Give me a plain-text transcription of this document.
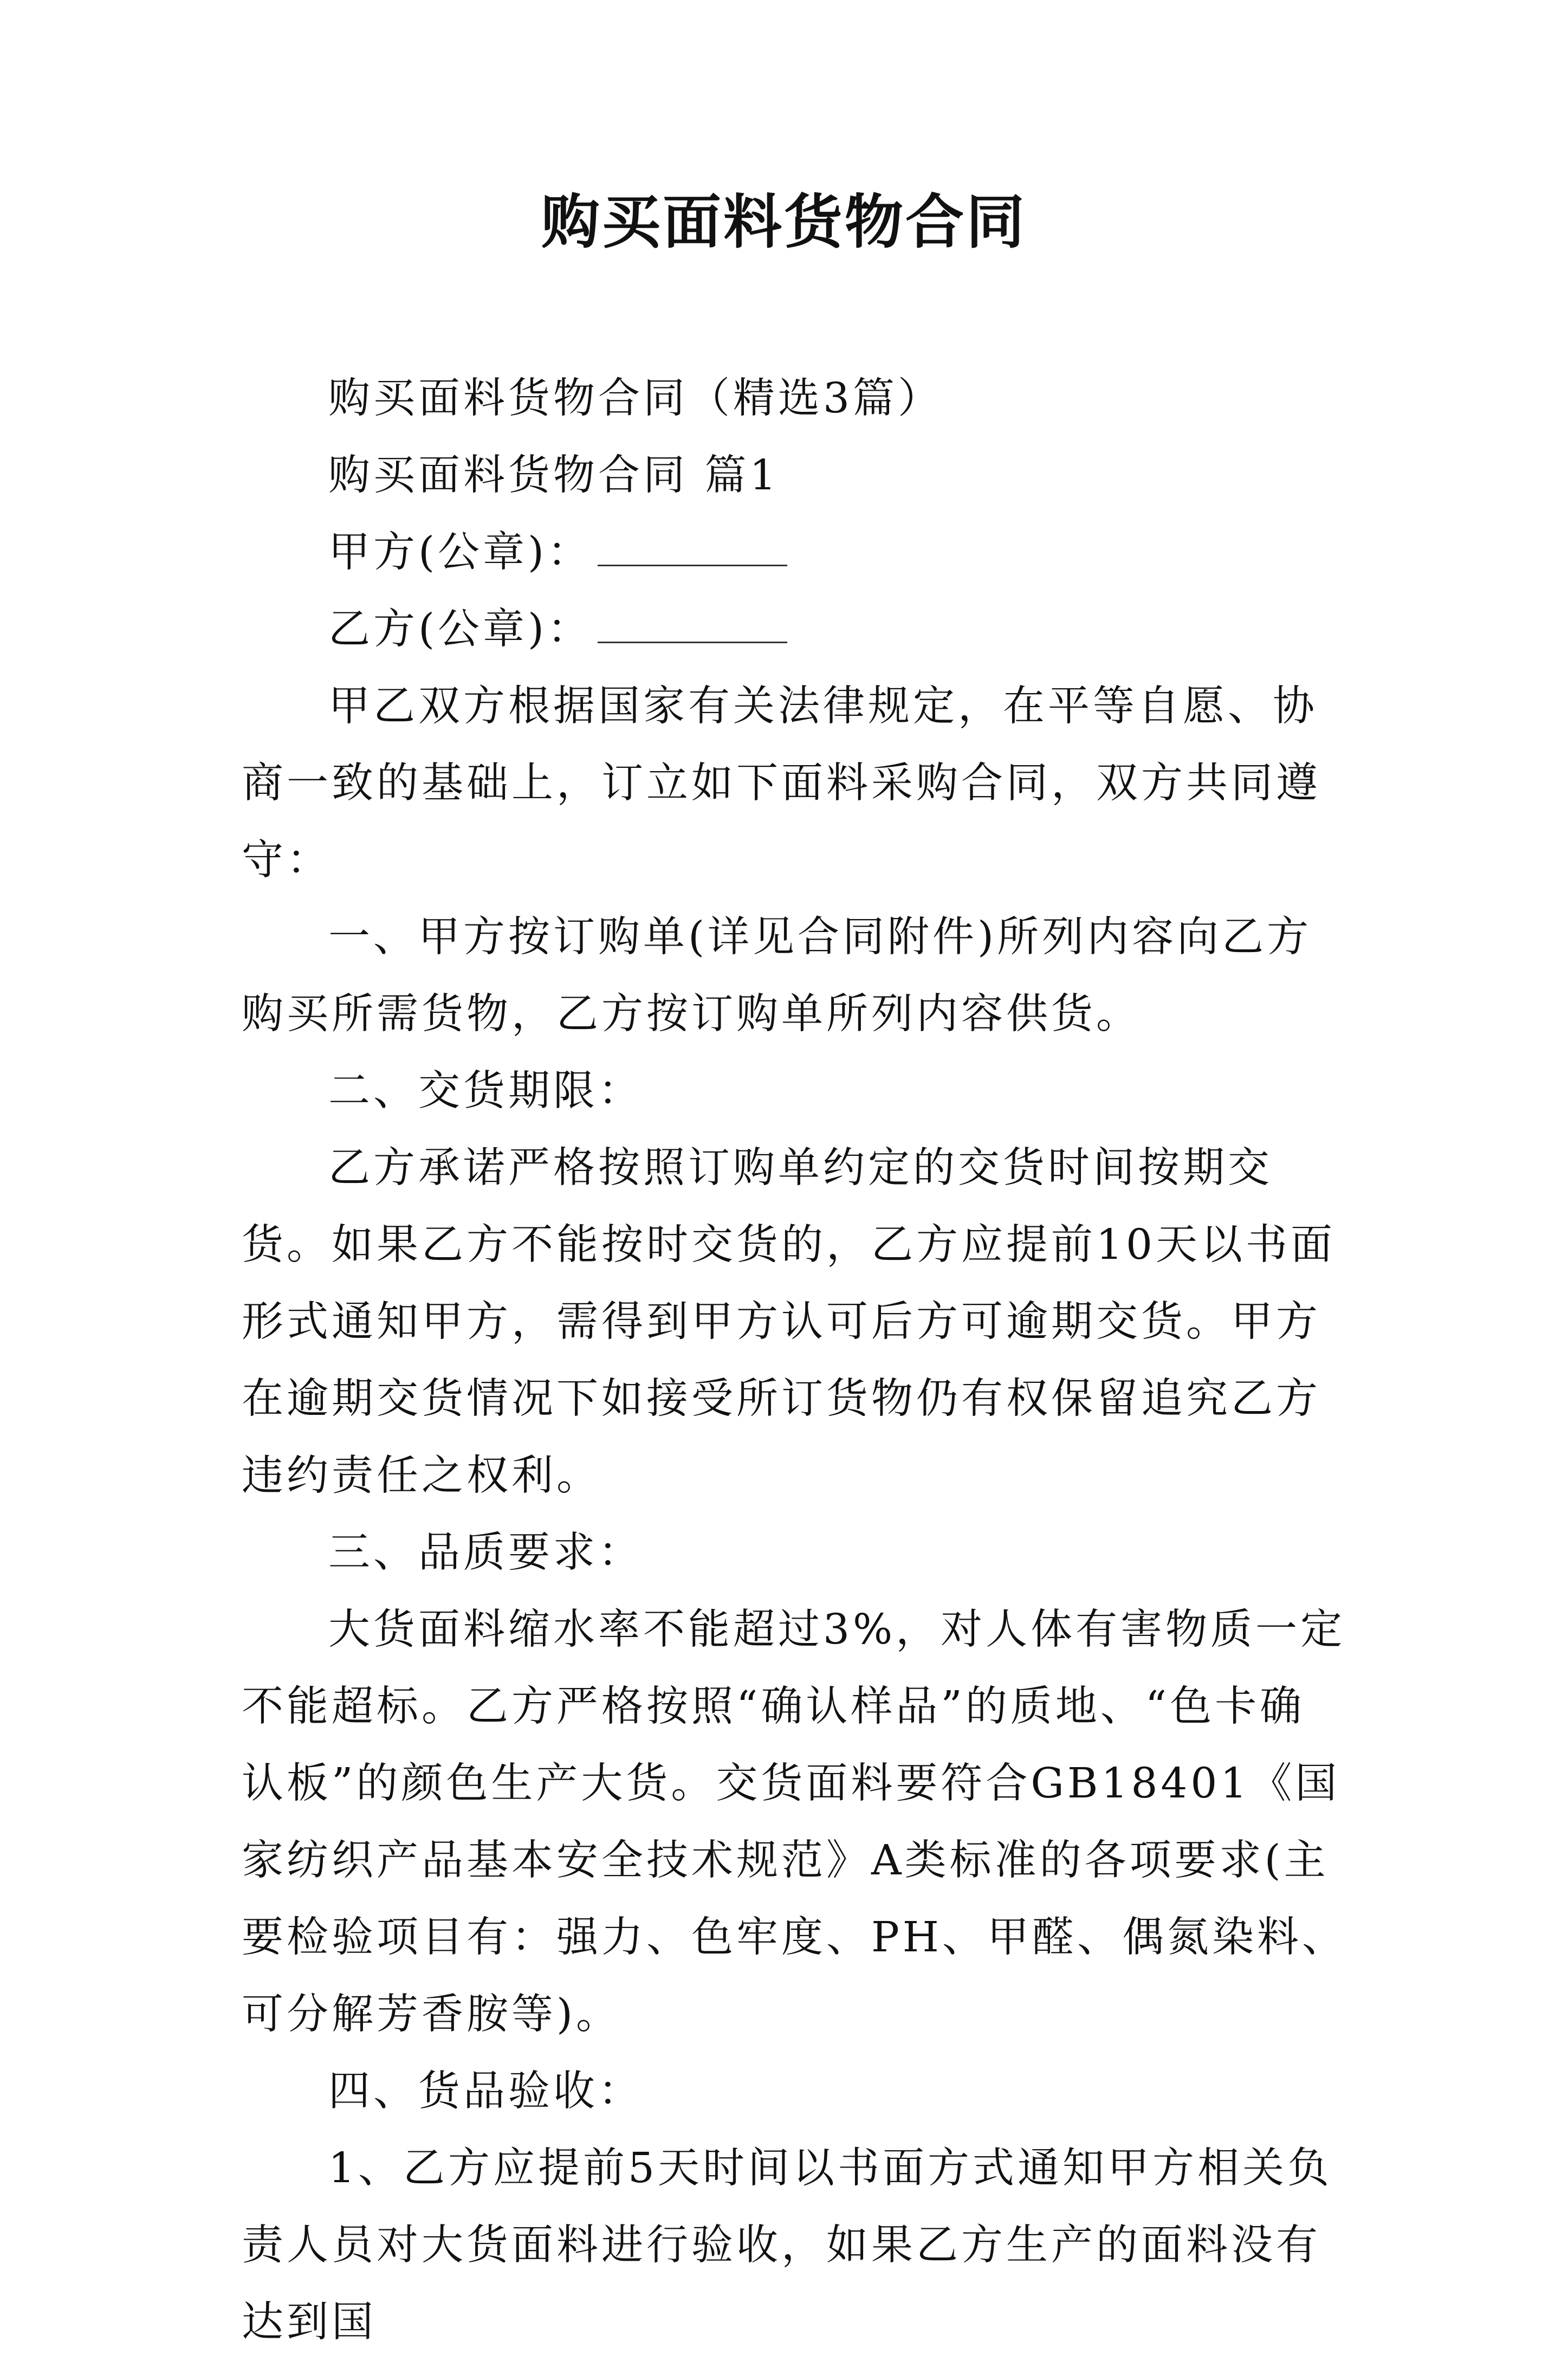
购买面料货物合同

购买面料货物合同（精选3篇）

购买面料货物合同 篇1

甲方(公章)：

乙方(公章)：

甲乙双方根据国家有关法律规定，在平等自愿、协商一致的基础上，订立如下面料采购合同，双方共同遵守：

一、甲方按订购单(详见合同附件)所列内容向乙方购买所需货物，乙方按订购单所列内容供货。

二、交货期限：

乙方承诺严格按照订购单约定的交货时间按期交货。如果乙方不能按时交货的，乙方应提前10天以书面形式通知甲方，需得到甲方认可后方可逾期交货。甲方在逾期交货情况下如接受所订货物仍有权保留追究乙方违约责任之权利。

三、品质要求：

大货面料缩水率不能超过3%，对人体有害物质一定不能超标。乙方严格按照“确认样品”的质地、“色卡确认板”的颜色生产大货。交货面料要符合GB18401《国家纺织产品基本安全技术规范》A类标准的各项要求(主要检验项目有：强力、色牢度、PH、甲醛、偶氮染料、可分解芳香胺等)。

四、货品验收：

1、乙方应提前5天时间以书面方式通知甲方相关负责人员对大货面料进行验收，如果乙方生产的面料没有达到国
